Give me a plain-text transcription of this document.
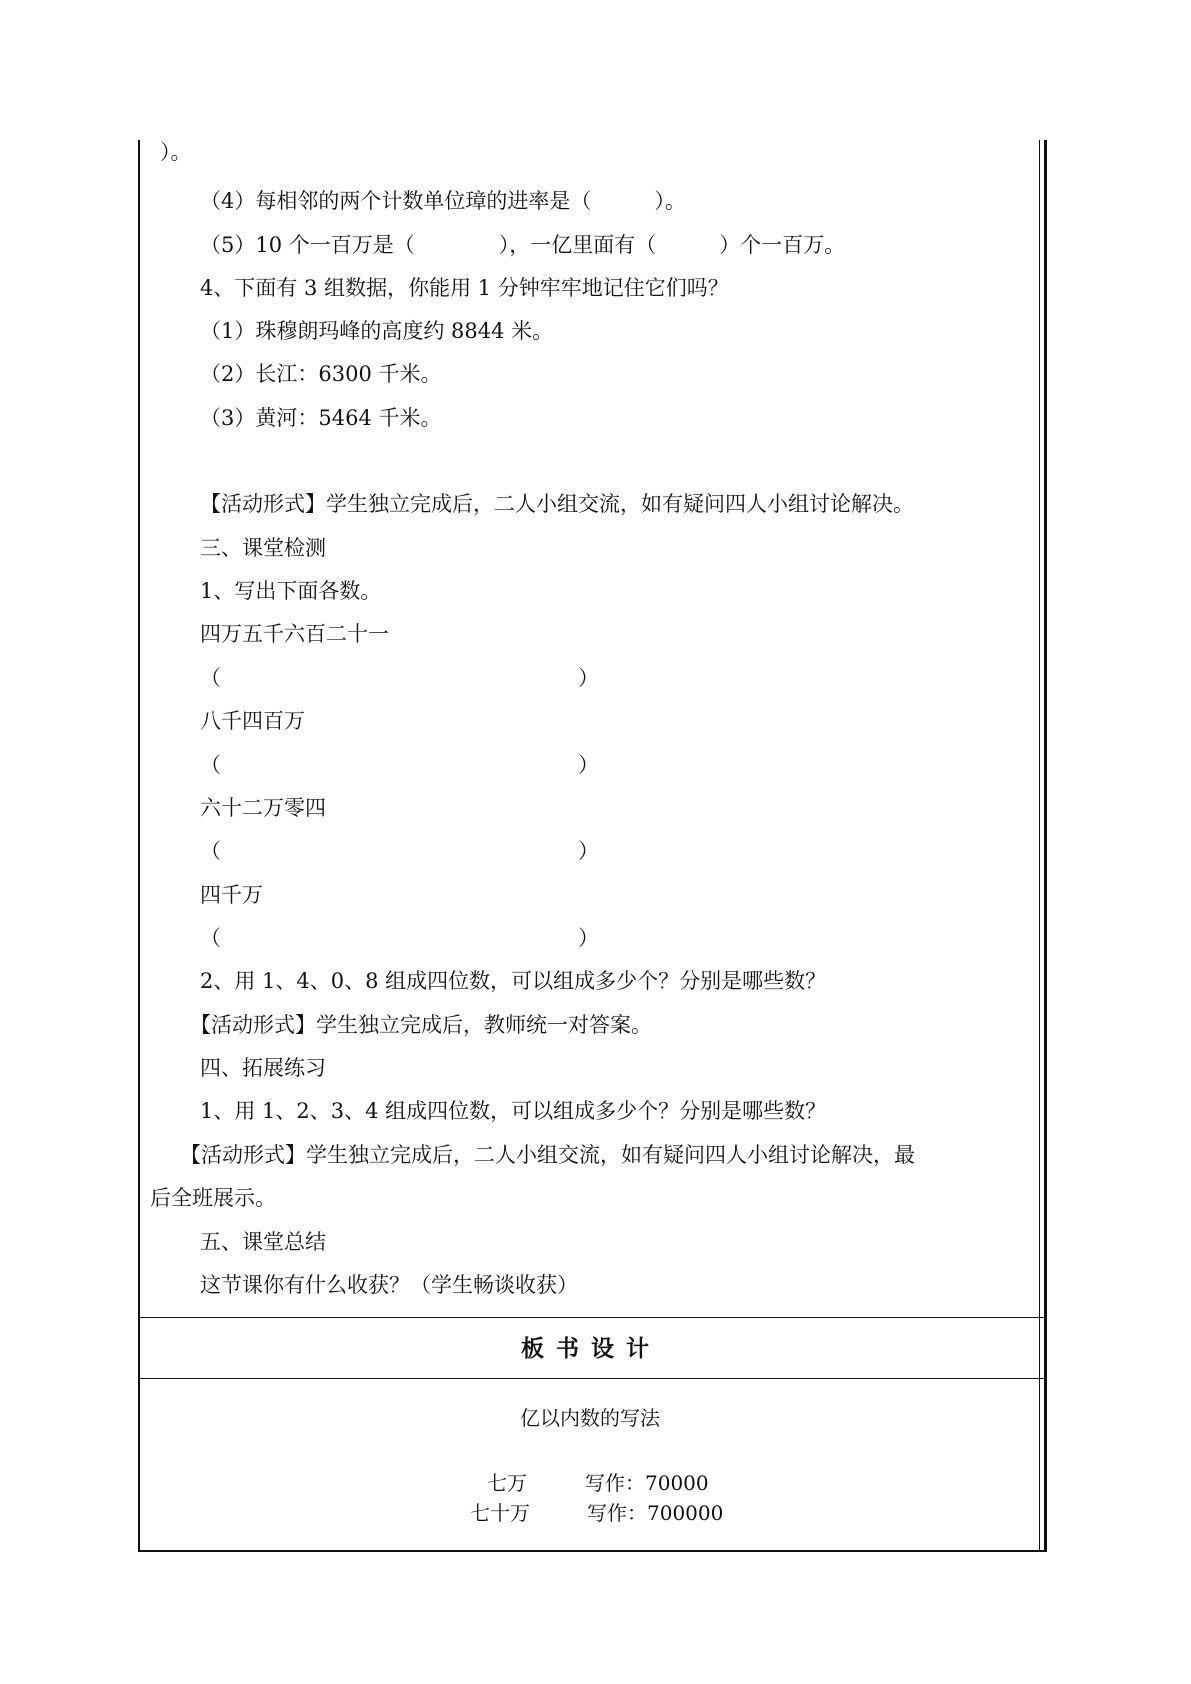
）。
（4）每相邻的两个计数单位璋的进率是（　　　）。
（5）10 个一百万是（　　　　），一亿里面有（　　　）个一百万。
4、下面有 3 组数据，你能用 1 分钟牢牢地记住它们吗？
（1）珠穆朗玛峰的高度约 8844 米。
（2）长江：6300 千米。
（3）黄河：5464 千米。
【活动形式】学生独立完成后，二人小组交流，如有疑问四人小组讨论解决。
三、课堂检测
1、写出下面各数。
四万五千六百二十一
（　　　　　　　　　　　　　　　　　）
八千四百万
（　　　　　　　　　　　　　　　　　）
六十二万零四
（　　　　　　　　　　　　　　　　　）
四千万
（　　　　　　　　　　　　　　　　　）
2、用 1、4、0、8 组成四位数，可以组成多少个？分别是哪些数？
【活动形式】学生独立完成后，教师统一对答案。
四、拓展练习
1、用 1、2、3、4 组成四位数，可以组成多少个？分别是哪些数？
【活动形式】学生独立完成后，二人小组交流，如有疑问四人小组讨论解决，最
后全班展示。
五、课堂总结
这节课你有什么收获？（学生畅谈收获）
板书设计
亿以内数的写法
七万	写作：70000
七十万	写作：700000
